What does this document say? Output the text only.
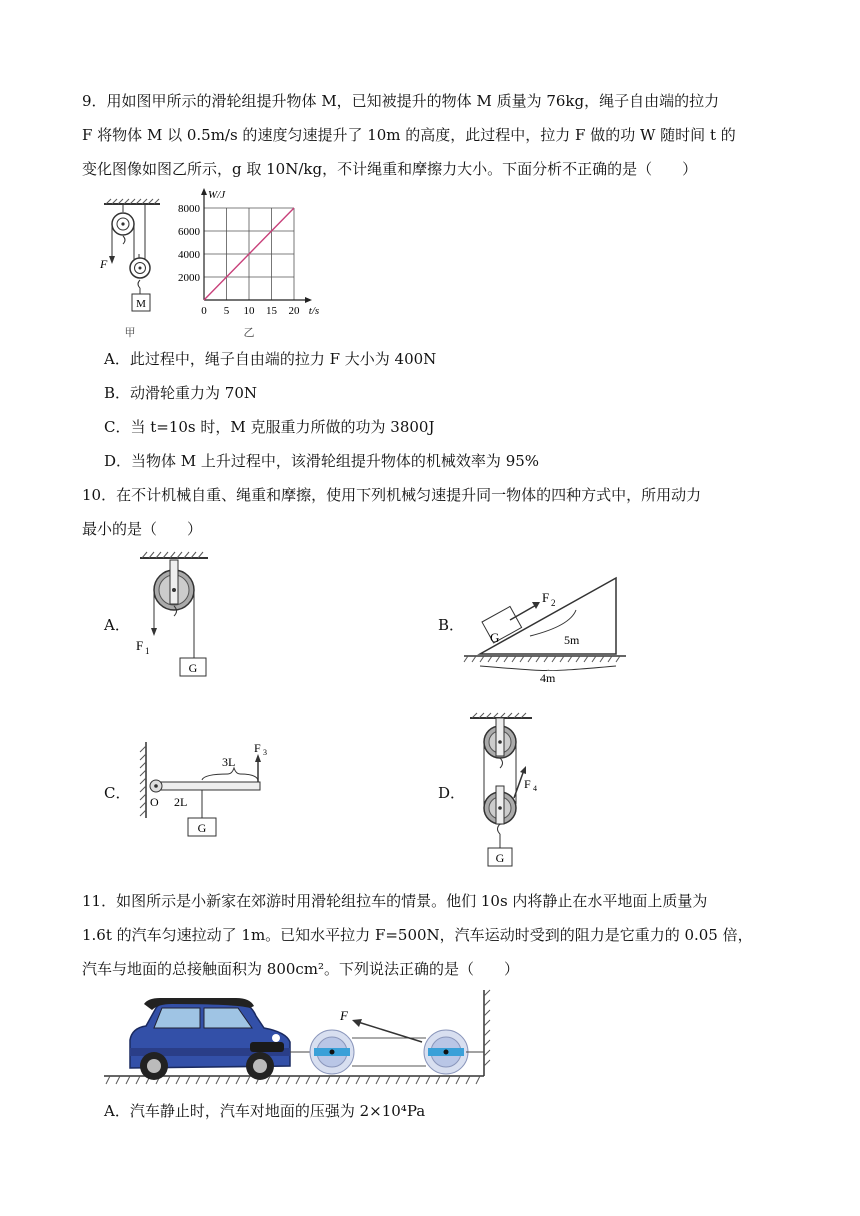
9．用如图甲所示的滑轮组提升物体 M，已知被提升的物体 M 质量为 76kg，绳子自由端的拉力
F 将物体 M 以 0.5m/s 的速度匀速提升了 10m 的高度，此过程中，拉力 F 做的功 W 随时间 t 的
变化图像如图乙所示，g 取 10N/kg，不计绳重和摩擦力大小。下面分析不正确的是（　　）
F
M
甲
0 5 10 15 20
2000
4000
6000
8000
t/s
W/J
乙
A．此过程中，绳子自由端的拉力 F 大小为 400N
B．动滑轮重力为 70N
C．当 t=10s 时，M 克服重力所做的功为 3800J
D．当物体 M 上升过程中，该滑轮组提升物体的机械效率为 95%
10．在不计机械自重、绳重和摩擦，使用下列机械匀速提升同一物体的四种方式中，所用动力
最小的是（　　）
A．	B．
C．	D．
F 1
G
G
F 2
5m
4m
O 2L
G
3L
F 3
G
F 4
11．如图所示是小新家在郊游时用滑轮组拉车的情景。他们 10s 内将静止在水平地面上质量为
1.6t 的汽车匀速拉动了 1m。已知水平拉力 F=500N，汽车运动时受到的阻力是它重力的 0.05 倍，
汽车与地面的总接触面积为 800cm²。下列说法正确的是（　　）
F
A．汽车静止时，汽车对地面的压强为 2×10⁴Pa
